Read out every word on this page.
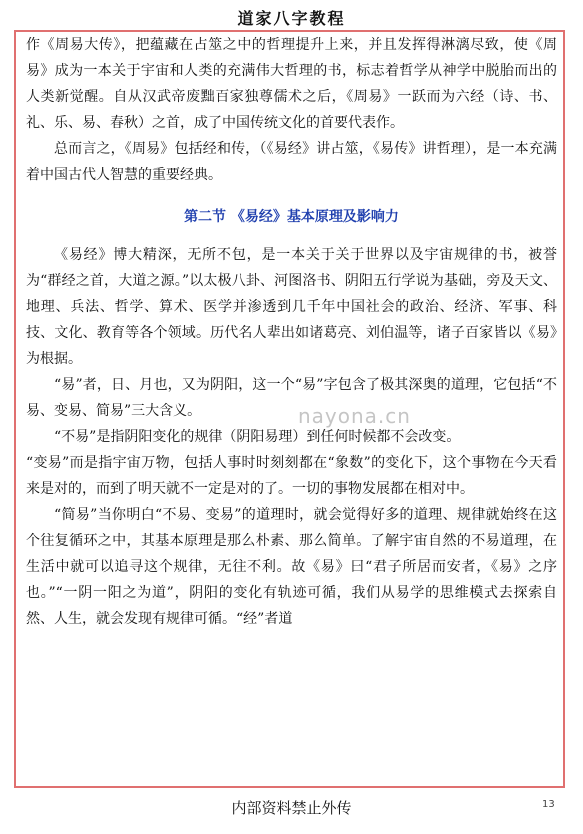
道家八字教程

作《周易大传》，把蕴藏在占筮之中的哲理提升上来，并且发挥得淋漓尽致，使《周易》成为一本关于宇宙和人类的充满伟大哲理的书，标志着哲学从神学中脱胎而出的人类新觉醒。自从汉武帝废黜百家独尊儒术之后，《周易》一跃而为六经（诗、书、礼、乐、易、春秋）之首，成了中国传统文化的首要代表作。

总而言之，《周易》包括经和传，（《易经》讲占筮，《易传》讲哲理），是一本充满着中国古代人智慧的重要经典。

第二节 《易经》基本原理及影响力

《易经》博大精深，无所不包，是一本关于关于世界以及宇宙规律的书，被誉为“群经之首，大道之源。”以太极八卦、河图洛书、阴阳五行学说为基础，旁及天文、地理、兵法、哲学、算术、医学并渗透到几千年中国社会的政治、经济、军事、科技、文化、教育等各个领域。历代名人辈出如诸葛亮、刘伯温等，诸子百家皆以《易》为根据。

“易”者，日、月也，又为阴阳，这一个“易”字包含了极其深奥的道理，它包括“不易、变易、简易”三大含义。

“不易”是指阴阳变化的规律（阴阳易理）到任何时候都不会改变。

“变易”而是指宇宙万物，包括人事时时刻刻都在“象数”的变化下，这个事物在今天看来是对的，而到了明天就不一定是对的了。一切的事物发展都在相对中。

“简易”当你明白“不易、变易”的道理时，就会觉得好多的道理、规律就始终在这个往复循环之中，其基本原理是那么朴素、那么简单。了解宇宙自然的不易道理，在生活中就可以追寻这个规律，无往不利。故《易》曰“君子所居而安者，《易》之序也。”“一阴一阳之为道”，阴阳的变化有轨迹可循，我们从易学的思维模式去探索自然、人生，就会发现有规律可循。“经”者道

nayona.cn
内部资料禁止外传	13
